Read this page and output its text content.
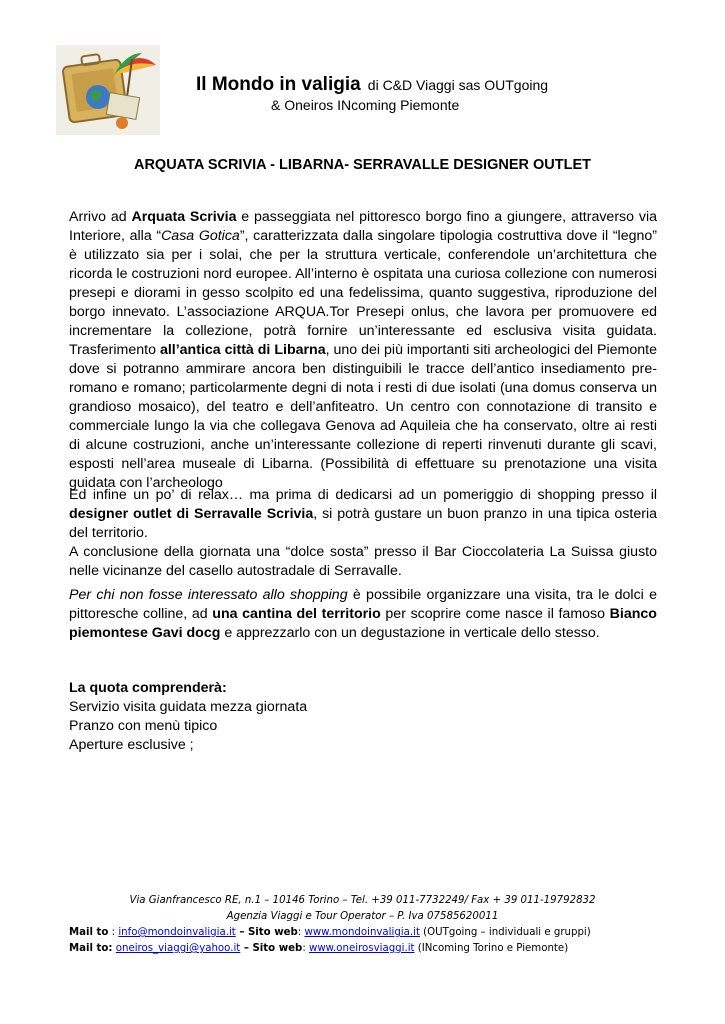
Il Mondo in valigia di C&D Viaggi sas OUTgoing
& Oneiros INcoming Piemonte
ARQUATA SCRIVIA - LIBARNA- SERRAVALLE DESIGNER OUTLET

Arrivo ad Arquata Scrivia e passeggiata nel pittoresco borgo fino a giungere, attraverso via Interiore, alla “Casa Gotica”, caratterizzata dalla singolare tipologia costruttiva dove il “legno” è utilizzato sia per i solai, che per la struttura verticale, conferendole un’architettura che ricorda le costruzioni nord europee. All’interno è ospitata una curiosa collezione con numerosi presepi e diorami in gesso scolpito ed una fedelissima, quanto suggestiva, riproduzione del borgo innevato. L’associazione ARQUA.Tor Presepi onlus, che lavora per promuovere ed incrementare la collezione, potrà fornire un’interessante ed esclusiva visita guidata. Trasferimento all’antica città di Libarna, uno dei più importanti siti archeologici del Piemonte dove si potranno ammirare ancora ben distinguibili le tracce dell’antico insediamento pre-romano e romano; particolarmente degni di nota i resti di due isolati (una domus conserva un grandioso mosaico), del teatro e dell’anfiteatro. Un centro con connotazione di transito e commerciale lungo la via che collegava Genova ad Aquileia che ha conservato, oltre ai resti di alcune costruzioni, anche un’interessante collezione di reperti rinvenuti durante gli scavi, esposti nell’area museale di Libarna. (Possibilità di effettuare su prenotazione una visita guidata con l’archeologo

Ed infine un po’ di relax… ma prima di dedicarsi ad un pomeriggio di shopping presso il designer outlet di Serravalle Scrivia, si potrà gustare un buon pranzo in una tipica osteria del territorio.

A conclusione della giornata una “dolce sosta” presso il Bar Cioccolateria La Suissa giusto nelle vicinanze del casello autostradale di Serravalle.

Per chi non fosse interessato allo shopping è possibile organizzare una visita, tra le dolci e pittoresche colline, ad una cantina del territorio per scoprire come nasce il famoso Bianco piemontese Gavi docg e apprezzarlo con un degustazione in verticale dello stesso.

La quota comprenderà:
Servizio visita guidata mezza giornata
Pranzo con menù tipico
Aperture esclusive ;
Via Gianfrancesco RE, n.1 – 10146 Torino – Tel. +39 011-7732249/ Fax + 39 011-19792832
Agenzia Viaggi e Tour Operator – P. Iva 07585620011
Mail to : info@mondoinvaligia.it – Sito web: www.mondoinvaligia.it (OUTgoing – individuali e gruppi)
Mail to: oneiros_viaggi@yahoo.it – Sito web: www.oneirosviaggi.it (INcoming Torino e Piemonte)
